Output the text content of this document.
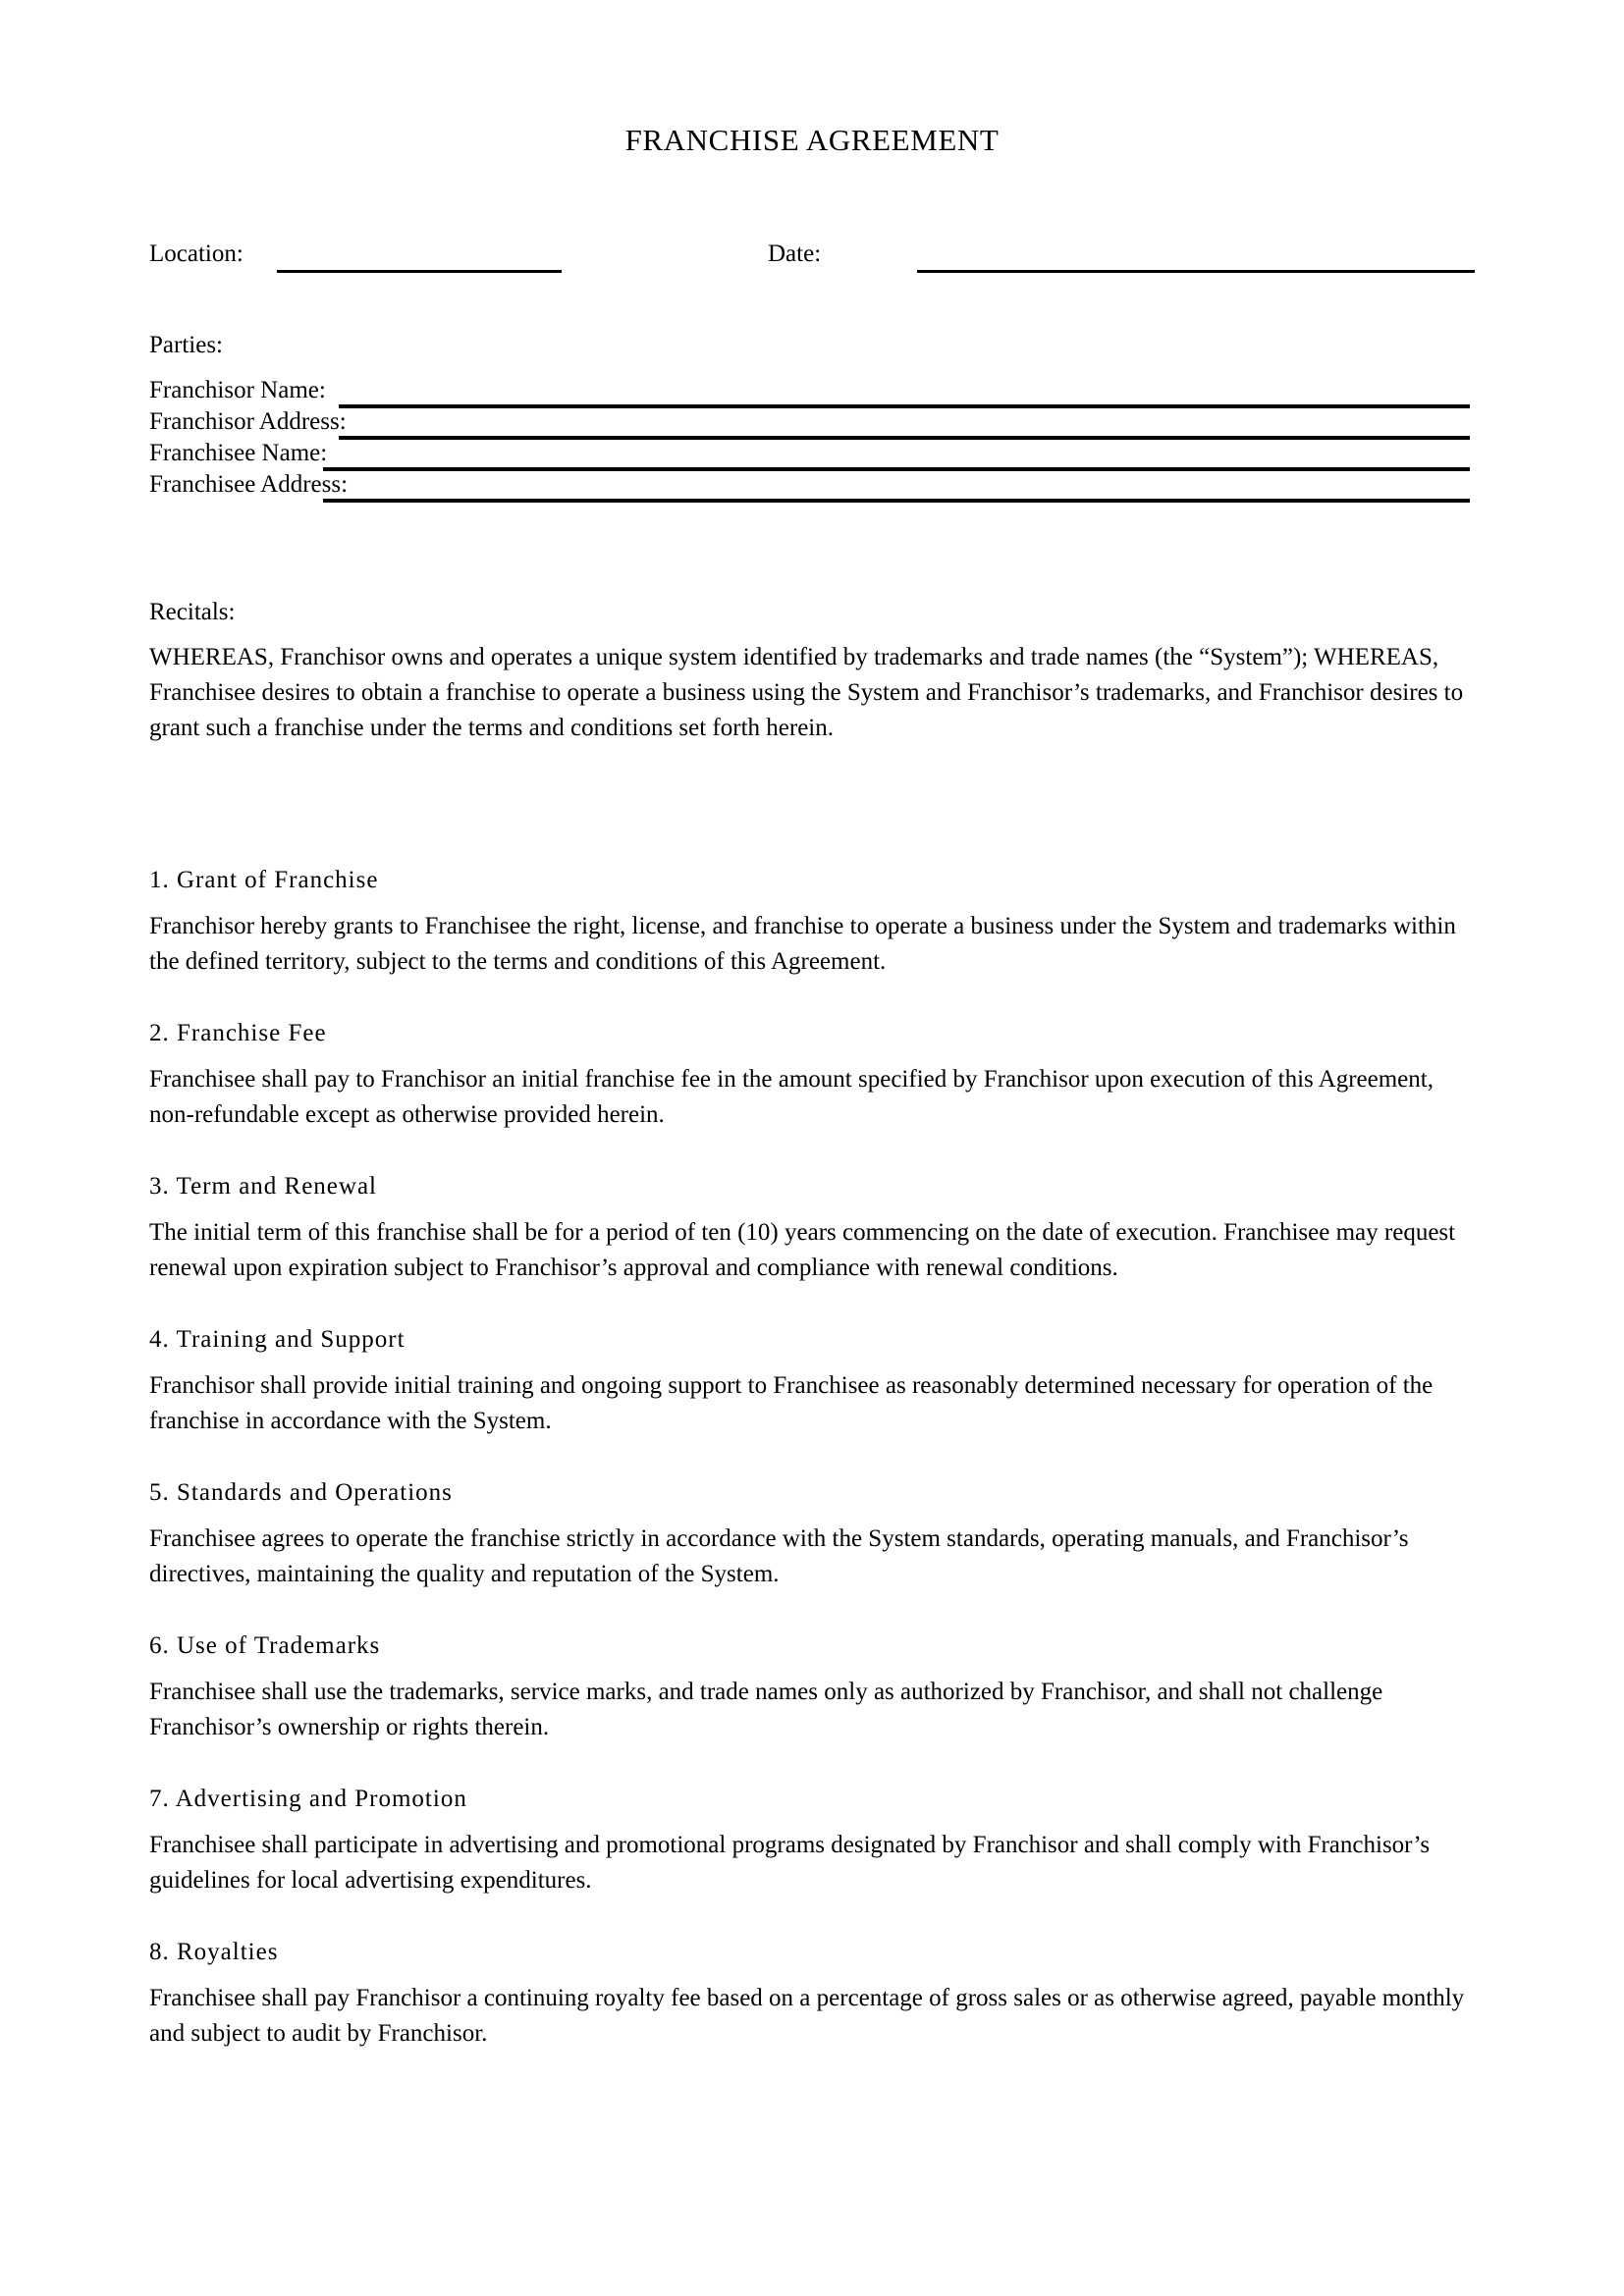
FRANCHISE AGREEMENT
Location:	Date:
Parties:
Franchisor Name:
Franchisor Address:
Franchisee Name:
Franchisee Address:

Recitals:

WHEREAS, Franchisor owns and operates a unique system identified by trademarks and trade names (the “System”); WHEREAS, Franchisee desires to obtain a franchise to operate a business using the System and Franchisor’s trademarks, and Franchisor desires to grant such a franchise under the terms and conditions set forth herein.

1. Grant of Franchise

Franchisor hereby grants to Franchisee the right, license, and franchise to operate a business under the System and trademarks within the defined territory, subject to the terms and conditions of this Agreement.

2. Franchise Fee

Franchisee shall pay to Franchisor an initial franchise fee in the amount specified by Franchisor upon execution of this Agreement, non-refundable except as otherwise provided herein.

3. Term and Renewal

The initial term of this franchise shall be for a period of ten (10) years commencing on the date of execution. Franchisee may request renewal upon expiration subject to Franchisor’s approval and compliance with renewal conditions.

4. Training and Support

Franchisor shall provide initial training and ongoing support to Franchisee as reasonably determined necessary for operation of the franchise in accordance with the System.

5. Standards and Operations

Franchisee agrees to operate the franchise strictly in accordance with the System standards, operating manuals, and Franchisor’s directives, maintaining the quality and reputation of the System.

6. Use of Trademarks

Franchisee shall use the trademarks, service marks, and trade names only as authorized by Franchisor, and shall not challenge Franchisor’s ownership or rights therein.

7. Advertising and Promotion

Franchisee shall participate in advertising and promotional programs designated by Franchisor and shall comply with Franchisor’s guidelines for local advertising expenditures.

8. Royalties

Franchisee shall pay Franchisor a continuing royalty fee based on a percentage of gross sales or as otherwise agreed, payable monthly and subject to audit by Franchisor.
